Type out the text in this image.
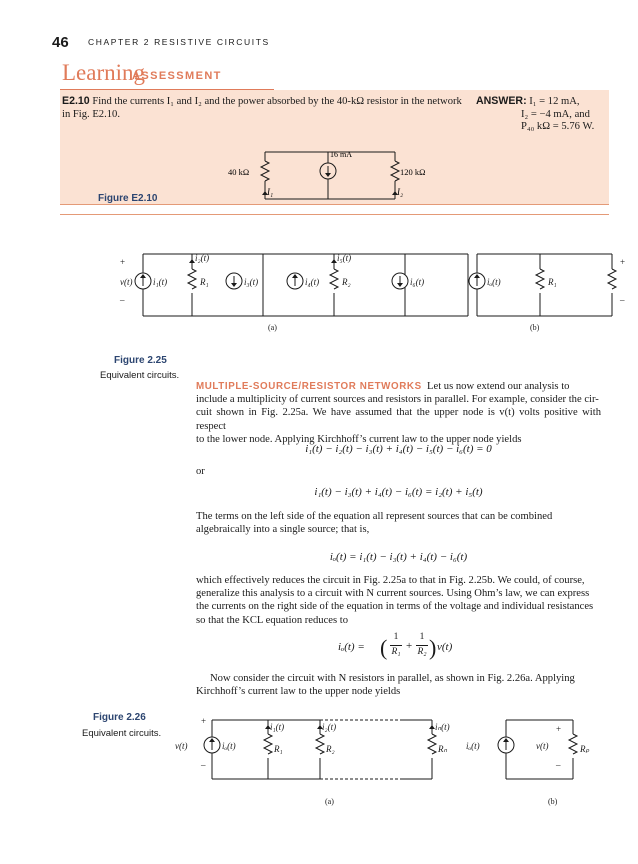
46 CHAPTER 2 RESISTIVE CIRCUITS
Learning
ASSESSMENT
E2.10 Find the currents I₁ and I₂ and the power absorbed by the 40-kΩ resistor in the network
in Fig. E2.10.
ANSWER: I₁ = 12 mA,
I₂ = −4 mA, and
P₄₀ kΩ = 5.76 W.
Figure E2.10
40 kΩ
16 mA
120 kΩ
I₁	I₂
v(t) i₁(t)
i₂(t)
R₁	i₃(t)	i₄(t)
i₅(t)
R₂	i₆(t)	iₒ(t)
+
–
(a)	(b)
+
–
R₁
Figure 2.25
Equivalent circuits.
MULTIPLE-SOURCE/RESISTOR NETWORKS Let us now extend our analysis to
include a multiplicity of current sources and resistors in parallel. For example, consider the cir-
cuit shown in Fig. 2.25a. We have assumed that the upper node is v(t) volts positive with respect
to the lower node. Applying Kirchhoff’s current law to the upper node yields
i₁(t) − i₂(t) − i₃(t) + i₄(t) − i₅(t) − i₆(t) = 0
or
i₁(t) − i₃(t) + i₄(t) − i₆(t) = i₂(t) + i₅(t)
The terms on the left side of the equation all represent sources that can be combined
algebraically into a single source; that is,
iₒ(t) = i₁(t) − i₃(t) + i₄(t) − i₆(t)
which effectively reduces the circuit in Fig. 2.25a to that in Fig. 2.25b. We could, of course,
generalize this analysis to a circuit with N current sources. Using Ohm’s law, we can express
the currents on the right side of the equation in terms of the voltage and individual resistances
so that the KCL equation reduces to
iₒ(t) = ( 1
R₁ +
1
R₂ ) v(t)
Now consider the circuit with N resistors in parallel, as shown in Fig. 2.26a. Applying
Kirchhoff’s current law to the upper node yields
Figure 2.26
Equivalent circuits.
v(t)	iₒ(t)
i₁(t)
R₁
i₂(t)
R₂
iₙ(t)
Rₙ iₒ(t)	v(t)	Rₚ
+
–
+
–
(a)	(b)
